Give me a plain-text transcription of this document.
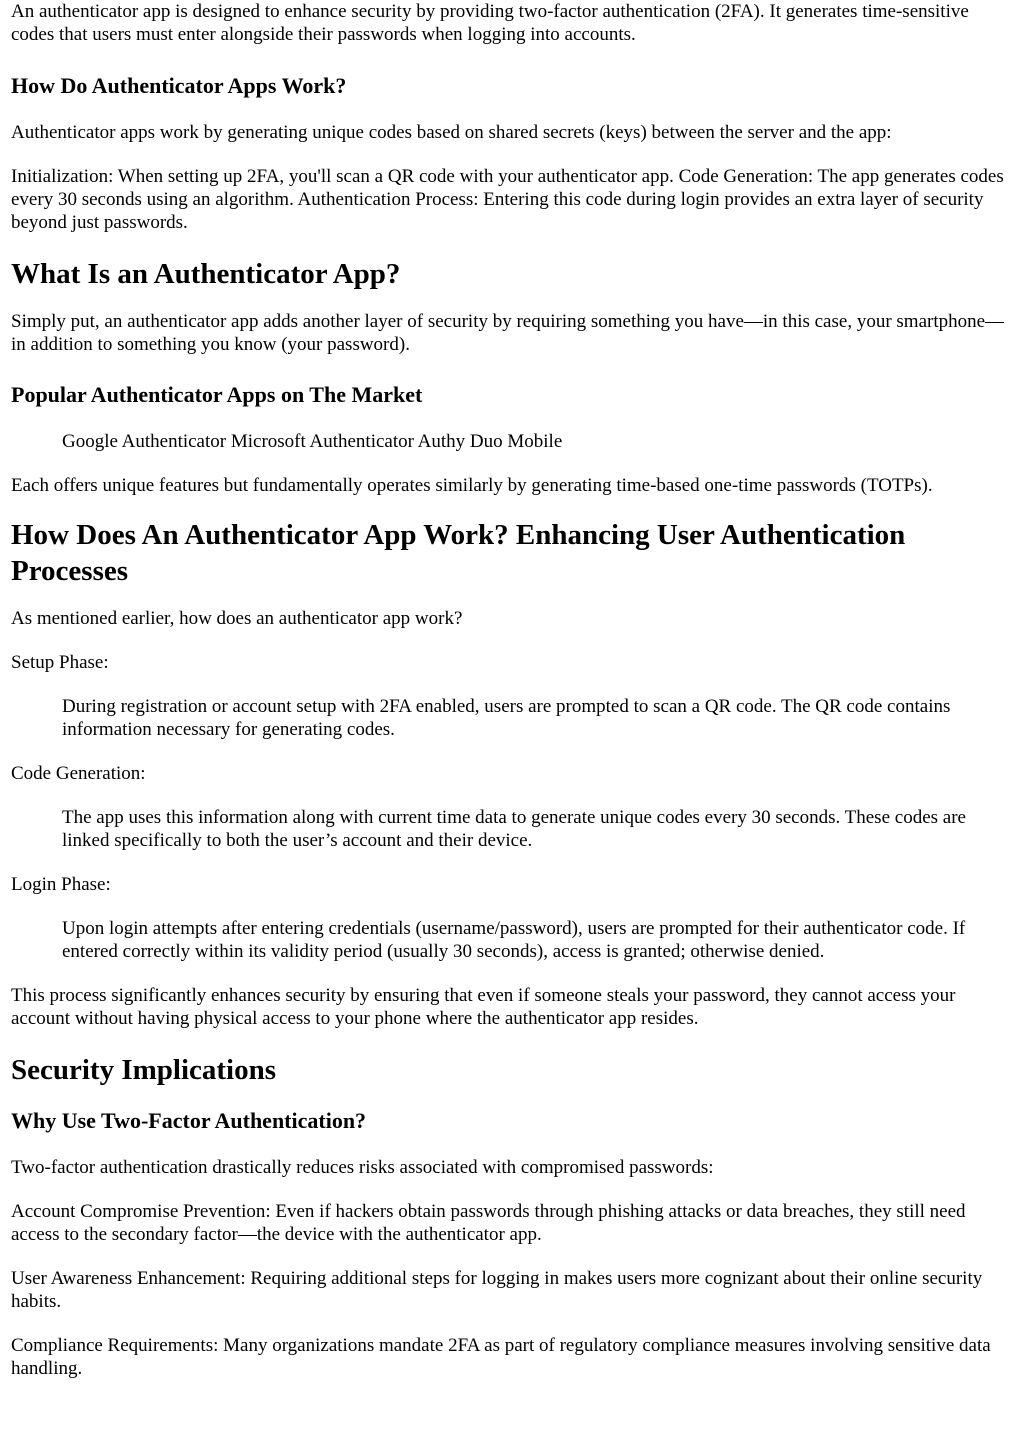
An authenticator app is designed to enhance security by providing two-factor authentication (2FA). It generates time-sensitive codes that users must enter alongside their passwords when logging into accounts.

How Do Authenticator Apps Work?

Authenticator apps work by generating unique codes based on shared secrets (keys) between the server and the app:

Initialization: When setting up 2FA, you'll scan a QR code with your authenticator app. Code Generation: The app generates codes every 30 seconds using an algorithm. Authentication Process: Entering this code during login provides an extra layer of security beyond just passwords.

What Is an Authenticator App?

Simply put, an authenticator app adds another layer of security by requiring something you have—in this case, your smartphone—in addition to something you know (your password).

Popular Authenticator Apps on The Market

Google Authenticator Microsoft Authenticator Authy Duo Mobile

Each offers unique features but fundamentally operates similarly by generating time-based one-time passwords (TOTPs).

How Does An Authenticator App Work? Enhancing User Authentication Processes

As mentioned earlier, how does an authenticator app work?

Setup Phase:

During registration or account setup with 2FA enabled, users are prompted to scan a QR code. The QR code contains information necessary for generating codes.

Code Generation:

The app uses this information along with current time data to generate unique codes every 30 seconds. These codes are linked specifically to both the user’s account and their device.

Login Phase:

Upon login attempts after entering credentials (username/password), users are prompted for their authenticator code. If entered correctly within its validity period (usually 30 seconds), access is granted; otherwise denied.

This process significantly enhances security by ensuring that even if someone steals your password, they cannot access your account without having physical access to your phone where the authenticator app resides.

Security Implications
Why Use Two-Factor Authentication?

Two-factor authentication drastically reduces risks associated with compromised passwords:

Account Compromise Prevention: Even if hackers obtain passwords through phishing attacks or data breaches, they still need access to the secondary factor—the device with the authenticator app.

User Awareness Enhancement: Requiring additional steps for logging in makes users more cognizant about their online security habits.

Compliance Requirements: Many organizations mandate 2FA as part of regulatory compliance measures involving sensitive data handling.
